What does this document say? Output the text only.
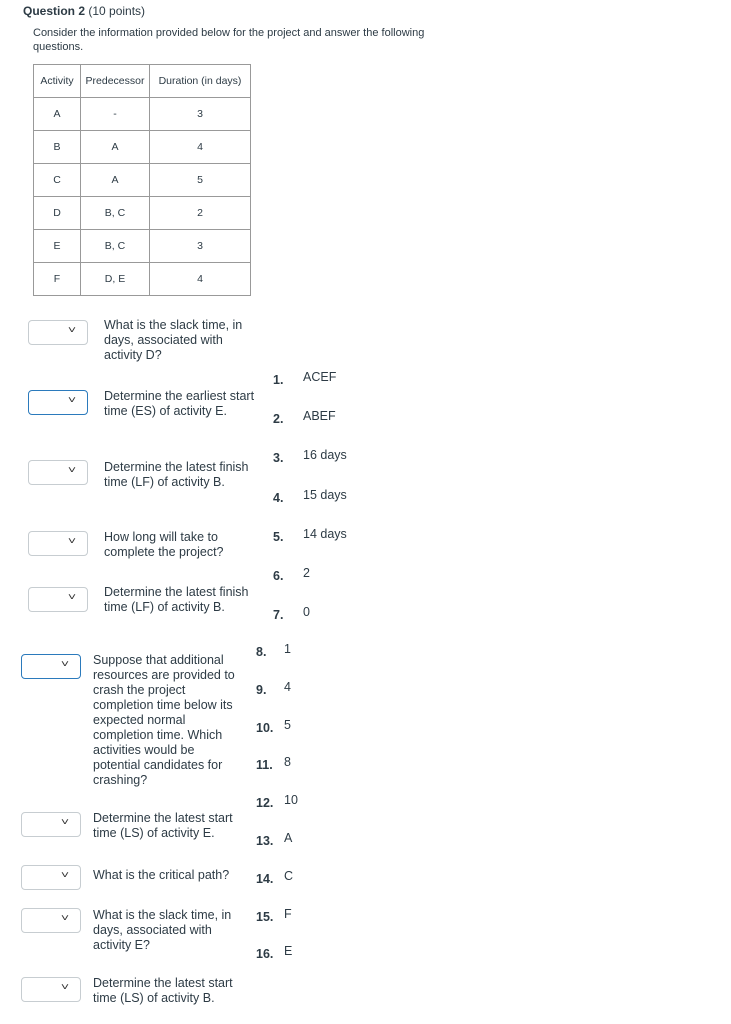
Question 2 (10 points)
Consider the information provided below for the project and answer the following questions.
Activity	Predecessor	Duration (in days)
A	-	3
B	A	4
C	A	5
D	B, C	2
E	B, C	3
F	D, E	4
˅ What is the slack time, in days, associated with activity D?
˅ Determine the earliest start time (ES) of activity E.
˅ Determine the latest finish time (LF) of activity B.
˅ How long will take to complete the project?
˅ Determine the latest finish time (LF) of activity B.
˅ Suppose that additional resources are provided to crash the project completion time below its expected normal completion time. Which activities would be potential candidates for crashing?
˅ Determine the latest start time (LS) of activity E.
˅ What is the critical path?
˅ What is the slack time, in days, associated with activity E?
˅ Determine the latest start time (LS) of activity B.
1. ACEF
2. ABEF
3. 16 days
4. 15 days
5. 14 days
6. 2
7. 0
8. 1
9. 4
10. 5
11. 8
12. 10
13. A
14. C
15. F
16. E
